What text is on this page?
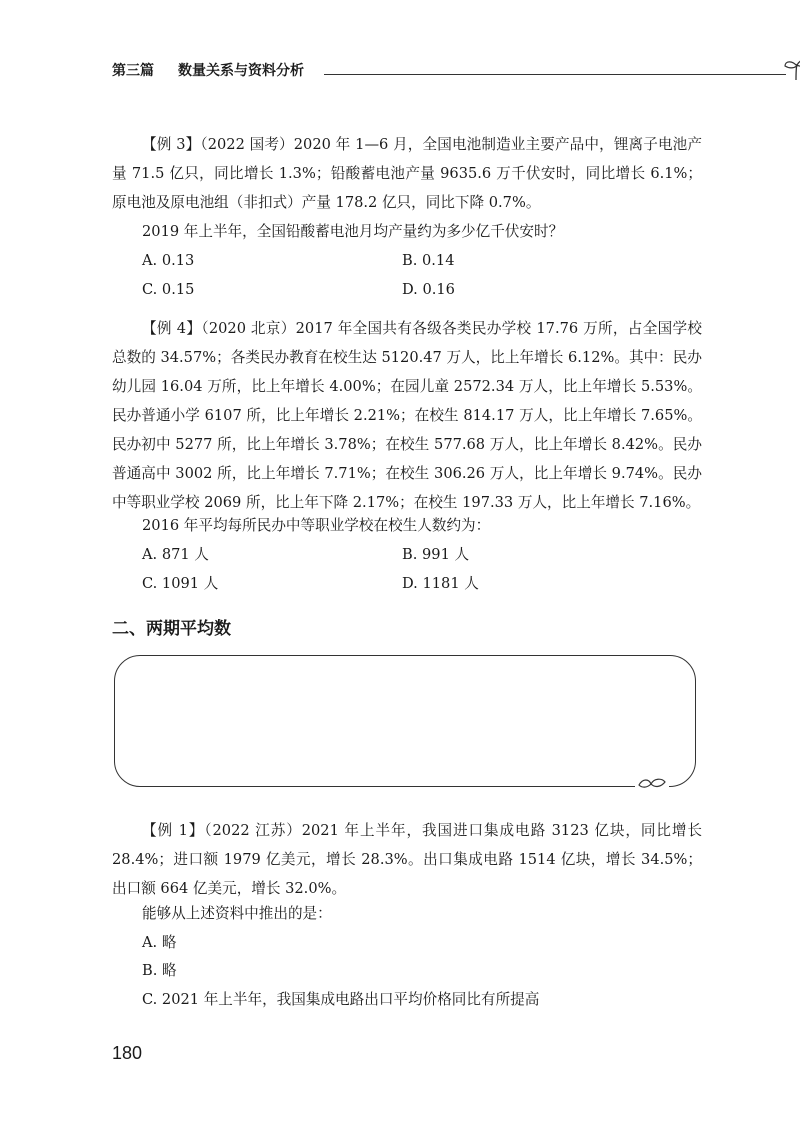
第三篇 数量关系与资料分析

【例 3】（2022 国考）2020 年 1—6 月，全国电池制造业主要产品中，锂离子电池产量 71.5 亿只，同比增长 1.3%；铅酸蓄电池产量 9635.6 万千伏安时，同比增长 6.1%；原电池及原电池组（非扣式）产量 178.2 亿只，同比下降 0.7%。

2019 年上半年，全国铅酸蓄电池月均产量约为多少亿千伏安时？

A. 0.13	B. 0.14
C. 0.15	D. 0.16

【例 4】（2020 北京）2017 年全国共有各级各类民办学校 17.76 万所，占全国学校总数的 34.57%；各类民办教育在校生达 5120.47 万人，比上年增长 6.12%。其中：民办幼儿园 16.04 万所，比上年增长 4.00%；在园儿童 2572.34 万人，比上年增长 5.53%。民办普通小学 6107 所，比上年增长 2.21%；在校生 814.17 万人，比上年增长 7.65%。民办初中 5277 所，比上年增长 3.78%；在校生 577.68 万人，比上年增长 8.42%。民办普通高中 3002 所，比上年增长 7.71%；在校生 306.26 万人，比上年增长 9.74%。民办中等职业学校 2069 所，比上年下降 2.17%；在校生 197.33 万人，比上年增长 7.16%。

2016 年平均每所民办中等职业学校在校生人数约为：

A. 871 人	B. 991 人
C. 1091 人	D. 1181 人
二、两期平均数

【例 1】（2022 江苏）2021 年上半年，我国进口集成电路 3123 亿块，同比增长 28.4%；进口额 1979 亿美元，增长 28.3%。出口集成电路 1514 亿块，增长 34.5%；出口额 664 亿美元，增长 32.0%。

能够从上述资料中推出的是：

A. 略
B. 略
C. 2021 年上半年，我国集成电路出口平均价格同比有所提高
180
